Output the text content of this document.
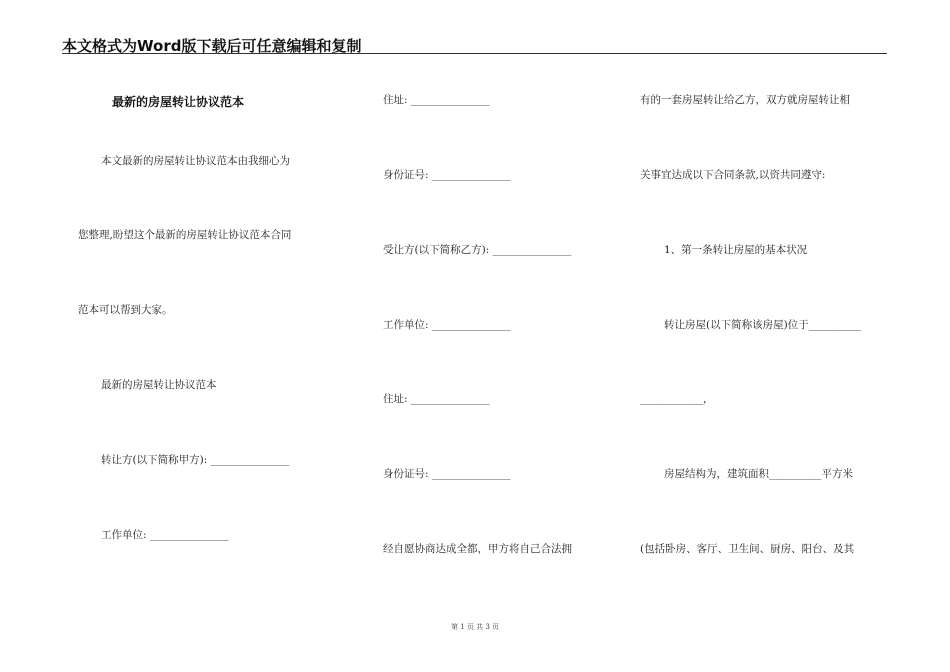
本文格式为Word版下载后可任意编辑和复制
最新的房屋转让协议范本
本文最新的房屋转让协议范本由我细心为
您整理,盼望这个最新的房屋转让协议范本合同
范本可以帮到大家。
最新的房屋转让协议范本
转让方(以下简称甲方): _______________
工作单位: _______________
住址: _______________
身份证号: _______________
受让方(以下简称乙方): _______________
工作单位: _______________
住址: _______________
身份证号: _______________
经自愿协商达成全都，甲方将自己合法拥
有的一套房屋转让给乙方，双方就房屋转让相
关事宜达成以下合同条款,以资共同遵守:
1、第一条转让房屋的基本状况
转让房屋(以下简称该房屋)位于__________
____________，
房屋结构为，建筑面积__________平方米
(包括卧房、客厅、卫生间、厨房、阳台、及其
第 1 页 共 3 页
